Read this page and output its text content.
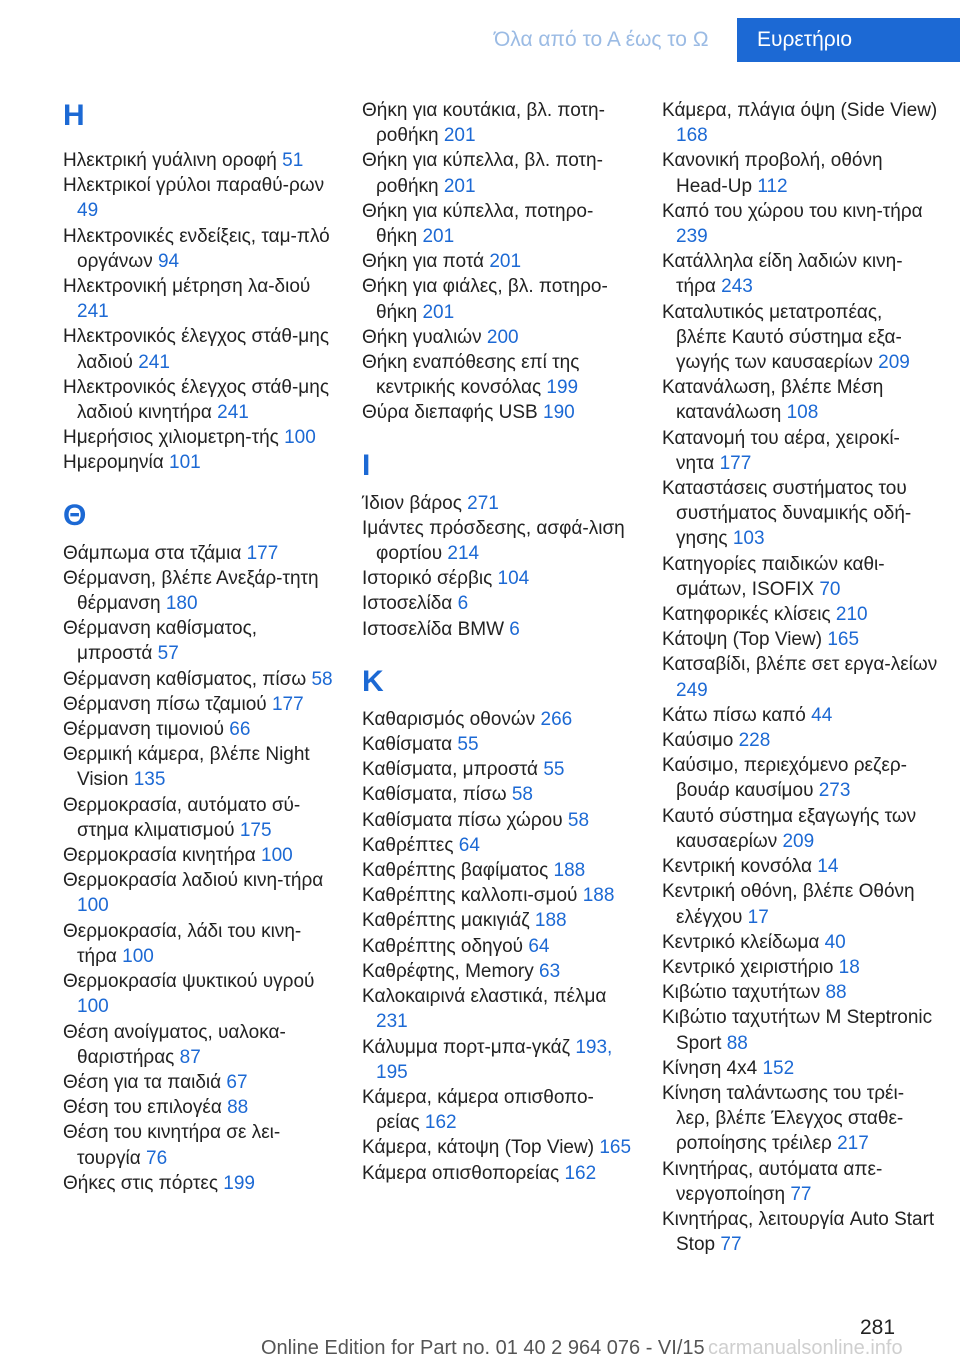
Όλα από το Α έως το Ω	Ευρετήριο
H

Ηλεκτρική γυάλινη οροφή 51

Ηλεκτρικοί γρύλοι παραθύ‐ρων 49

Ηλεκτρονικές ενδείξεις, ταμ‐πλό οργάνων 94

Ηλεκτρονική μέτρηση λα‐διού 241

Ηλεκτρονικός έλεγχος στάθ‐μης λαδιού 241

Ηλεκτρονικός έλεγχος στάθ‐μης λαδιού κινητήρα 241

Ημερήσιος χιλιομετρη‐τής 100

Ημερομηνία 101

Θ

Θάμπωμα στα τζάμια 177

Θέρμανση, βλέπε Ανεξάρ‐τητη θέρμανση 180

Θέρμανση καθίσματος, μπροστά 57

Θέρμανση καθίσματος, πίσω 58

Θέρμανση πίσω τζαμιού 177

Θέρμανση τιμονιού 66

Θερμική κάμερα, βλέπε Night Vision 135

Θερμοκρασία, αυτόματο σύ‐στημα κλιματισμού 175

Θερμοκρασία κινητήρα 100

Θερμοκρασία λαδιού κινη‐τήρα 100

Θερμοκρασία, λάδι του κινη‐τήρα 100

Θερμοκρασία ψυκτικού υγρού 100

Θέση ανοίγματος, υαλοκα‐θαριστήρας 87

Θέση για τα παιδιά 67

Θέση του επιλογέα 88

Θέση του κινητήρα σε λει‐τουργία 76

Θήκες στις πόρτες 199

Θήκη για κουτάκια, βλ. ποτη‐ροθήκη 201

Θήκη για κύπελλα, βλ. ποτη‐ροθήκη 201

Θήκη για κύπελλα, ποτηρο‐θήκη 201

Θήκη για ποτά 201

Θήκη για φιάλες, βλ. ποτηρο‐θήκη 201

Θήκη γυαλιών 200

Θήκη εναπόθεσης επί της κεντρικής κονσόλας 199

Θύρα διεπαφής USB 190

I

Ίδιον βάρος 271

Ιμάντες πρόσδεσης, ασφά‐λιση φορτίου 214

Ιστορικό σέρβις 104

Ιστοσελίδα 6

Ιστοσελίδα BMW 6

K

Καθαρισμός οθονών 266

Καθίσματα 55

Καθίσματα, μπροστά 55

Καθίσματα, πίσω 58

Καθίσματα πίσω χώρου 58

Καθρέπτες 64

Καθρέπτης βαφίματος 188

Καθρέπτης καλλοπι‐σμού 188

Καθρέπτης μακιγιάζ 188

Καθρέπτης οδηγού 64

Καθρέφτης, Memory 63

Καλοκαιρινά ελαστικά, πέλμα 231

Κάλυμμα πορτ-μπα‐γκάζ 193, 195

Κάμερα, κάμερα οπισθοπο‐ρείας 162

Κάμερα, κάτοψη (Top View) 165

Κάμερα οπισθοπορείας 162

Κάμερα, πλάγια όψη (Side View) 168

Κανονική προβολή, οθόνη Head-Up 112

Καπό του χώρου του κινη‐τήρα 239

Κατάλληλα είδη λαδιών κινη‐τήρα 243

Καταλυτικός μετατροπέας, βλέπε Καυτό σύστημα εξα‐γωγής των καυσαερίων 209

Κατανάλωση, βλέπε Μέση κατανάλωση 108

Κατανομή του αέρα, χειροκί‐νητα 177

Καταστάσεις συστήματος του συστήματος δυναμικής οδή‐γησης 103

Κατηγορίες παιδικών καθι‐σμάτων, ISOFIX 70

Κατηφορικές κλίσεις 210

Κάτοψη (Top View) 165

Κατσαβίδι, βλέπε σετ εργα‐λείων 249

Κάτω πίσω καπό 44

Καύσιμο 228

Καύσιμο, περιεχόμενο ρεζερ‐βουάρ καυσίμου 273

Καυτό σύστημα εξαγωγής των καυσαερίων 209

Κεντρική κονσόλα 14

Κεντρική οθόνη, βλέπε Οθόνη ελέγχου 17

Κεντρικό κλείδωμα 40

Κεντρικό χειριστήριο 18

Κιβώτιο ταχυτήτων 88

Κιβώτιο ταχυτήτων M Steptronic Sport 88

Κίνηση 4x4 152

Κίνηση ταλάντωσης του τρέι‐λερ, βλέπε Έλεγχος σταθε‐ροποίησης τρέιλερ 217

Κινητήρας, αυτόματα απε‐νεργοποίηση 77

Κινητήρας, λειτουργία Auto Start Stop 77

281
Online Edition for Part no. 01 40 2 964 076 - VI/15 carmanualsonline.info
